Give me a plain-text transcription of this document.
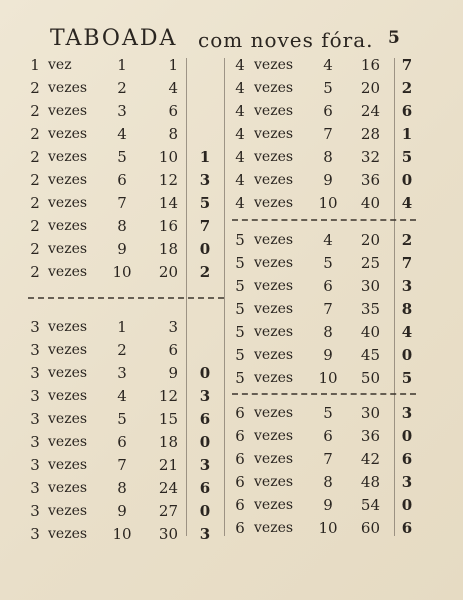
TABOADA com noves fóra. 5
1 vez	1	1
2 vezes	2	4
2 vezes	3	6
2 vezes	4	8
2 vezes	5	10 1
2 vezes	6	12 3
2 vezes	7	14 5
2 vezes	8	16 7
2 vezes	9	18 0
2 vezes 10	20 2
3 vezes	1	3
3 vezes	2	6
3 vezes	3	9 0
3 vezes	4	12 3
3 vezes	5	15 6
3 vezes	6	18 0
3 vezes	7	21 3
3 vezes	8	24 6
3 vezes	9	27 0
3 vezes 10	30 3
4 vezes	4	16 7
4 vezes	5	20 2
4 vezes	6	24 6
4 vezes	7	28 1
4 vezes	8	32 5
4 vezes	9	36 0
4 vezes 10	40 4
5 vezes	4	20 2
5 vezes	5	25 7
5 vezes	6	30 3
5 vezes	7	35 8
5 vezes	8	40 4
5 vezes	9	45 0
5 vezes 10	50 5
6 vezes	5	30 3
6 vezes	6	36 0
6 vezes	7	42 6
6 vezes	8	48 3
6 vezes	9	54 0
6 vezes 10	60 6
